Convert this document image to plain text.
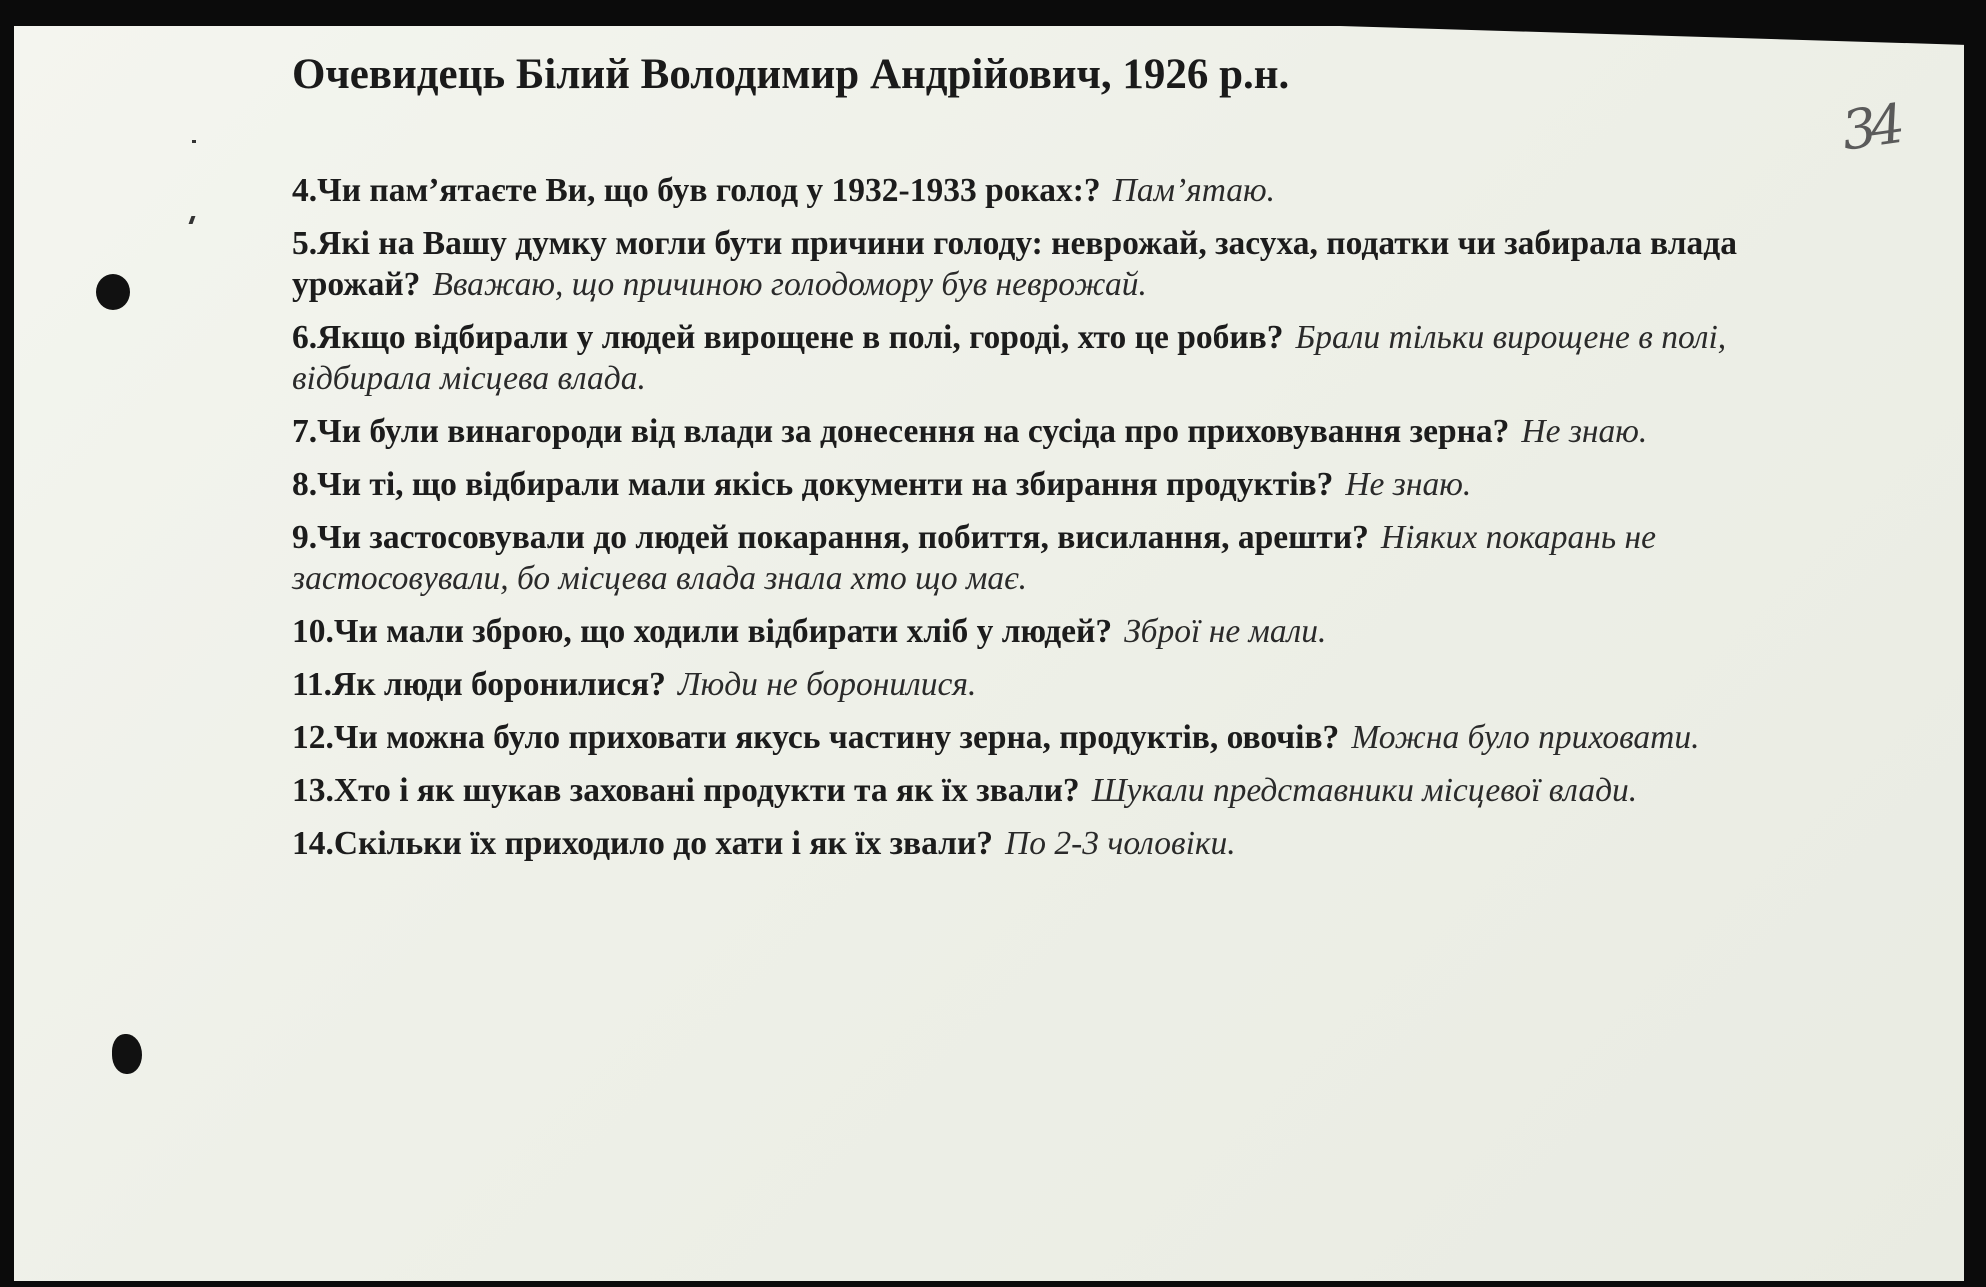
34
Очевидець Білий Володимир Андрійович, 1926 р.н.
4.Чи пам’ятаєте Ви, що був голод у 1932-1933 роках:? Пам’ятаю.
5.Які на Вашу думку могли бути причини голоду: неврожай, засуха, податки чи забирала влада урожай? Вважаю, що причиною голодомору був неврожай.
6.Якщо відбирали у людей вирощене в полі, городі, хто це робив? Брали тільки вирощене в полі, відбирала місцева влада.
7.Чи були винагороди від влади за донесення на сусіда про приховування зерна? Не знаю.
8.Чи ті, що відбирали мали якісь документи на збирання продуктів? Не знаю.
9.Чи застосовували до людей покарання, побиття, висилання, арешти? Ніяких покарань не застосовували, бо місцева влада знала хто що має.
10.Чи мали зброю, що ходили відбирати хліб у людей? Зброї не мали.
11.Як люди боронилися? Люди не боронилися.
12.Чи можна було приховати якусь частину зерна, продуктів, овочів? Можна було приховати.
13.Хто і як шукав заховані продукти та як їх звали? Шукали представники місцевої влади.
14.Скільки їх приходило до хати і як їх звали? По 2-3 чоловіки.
